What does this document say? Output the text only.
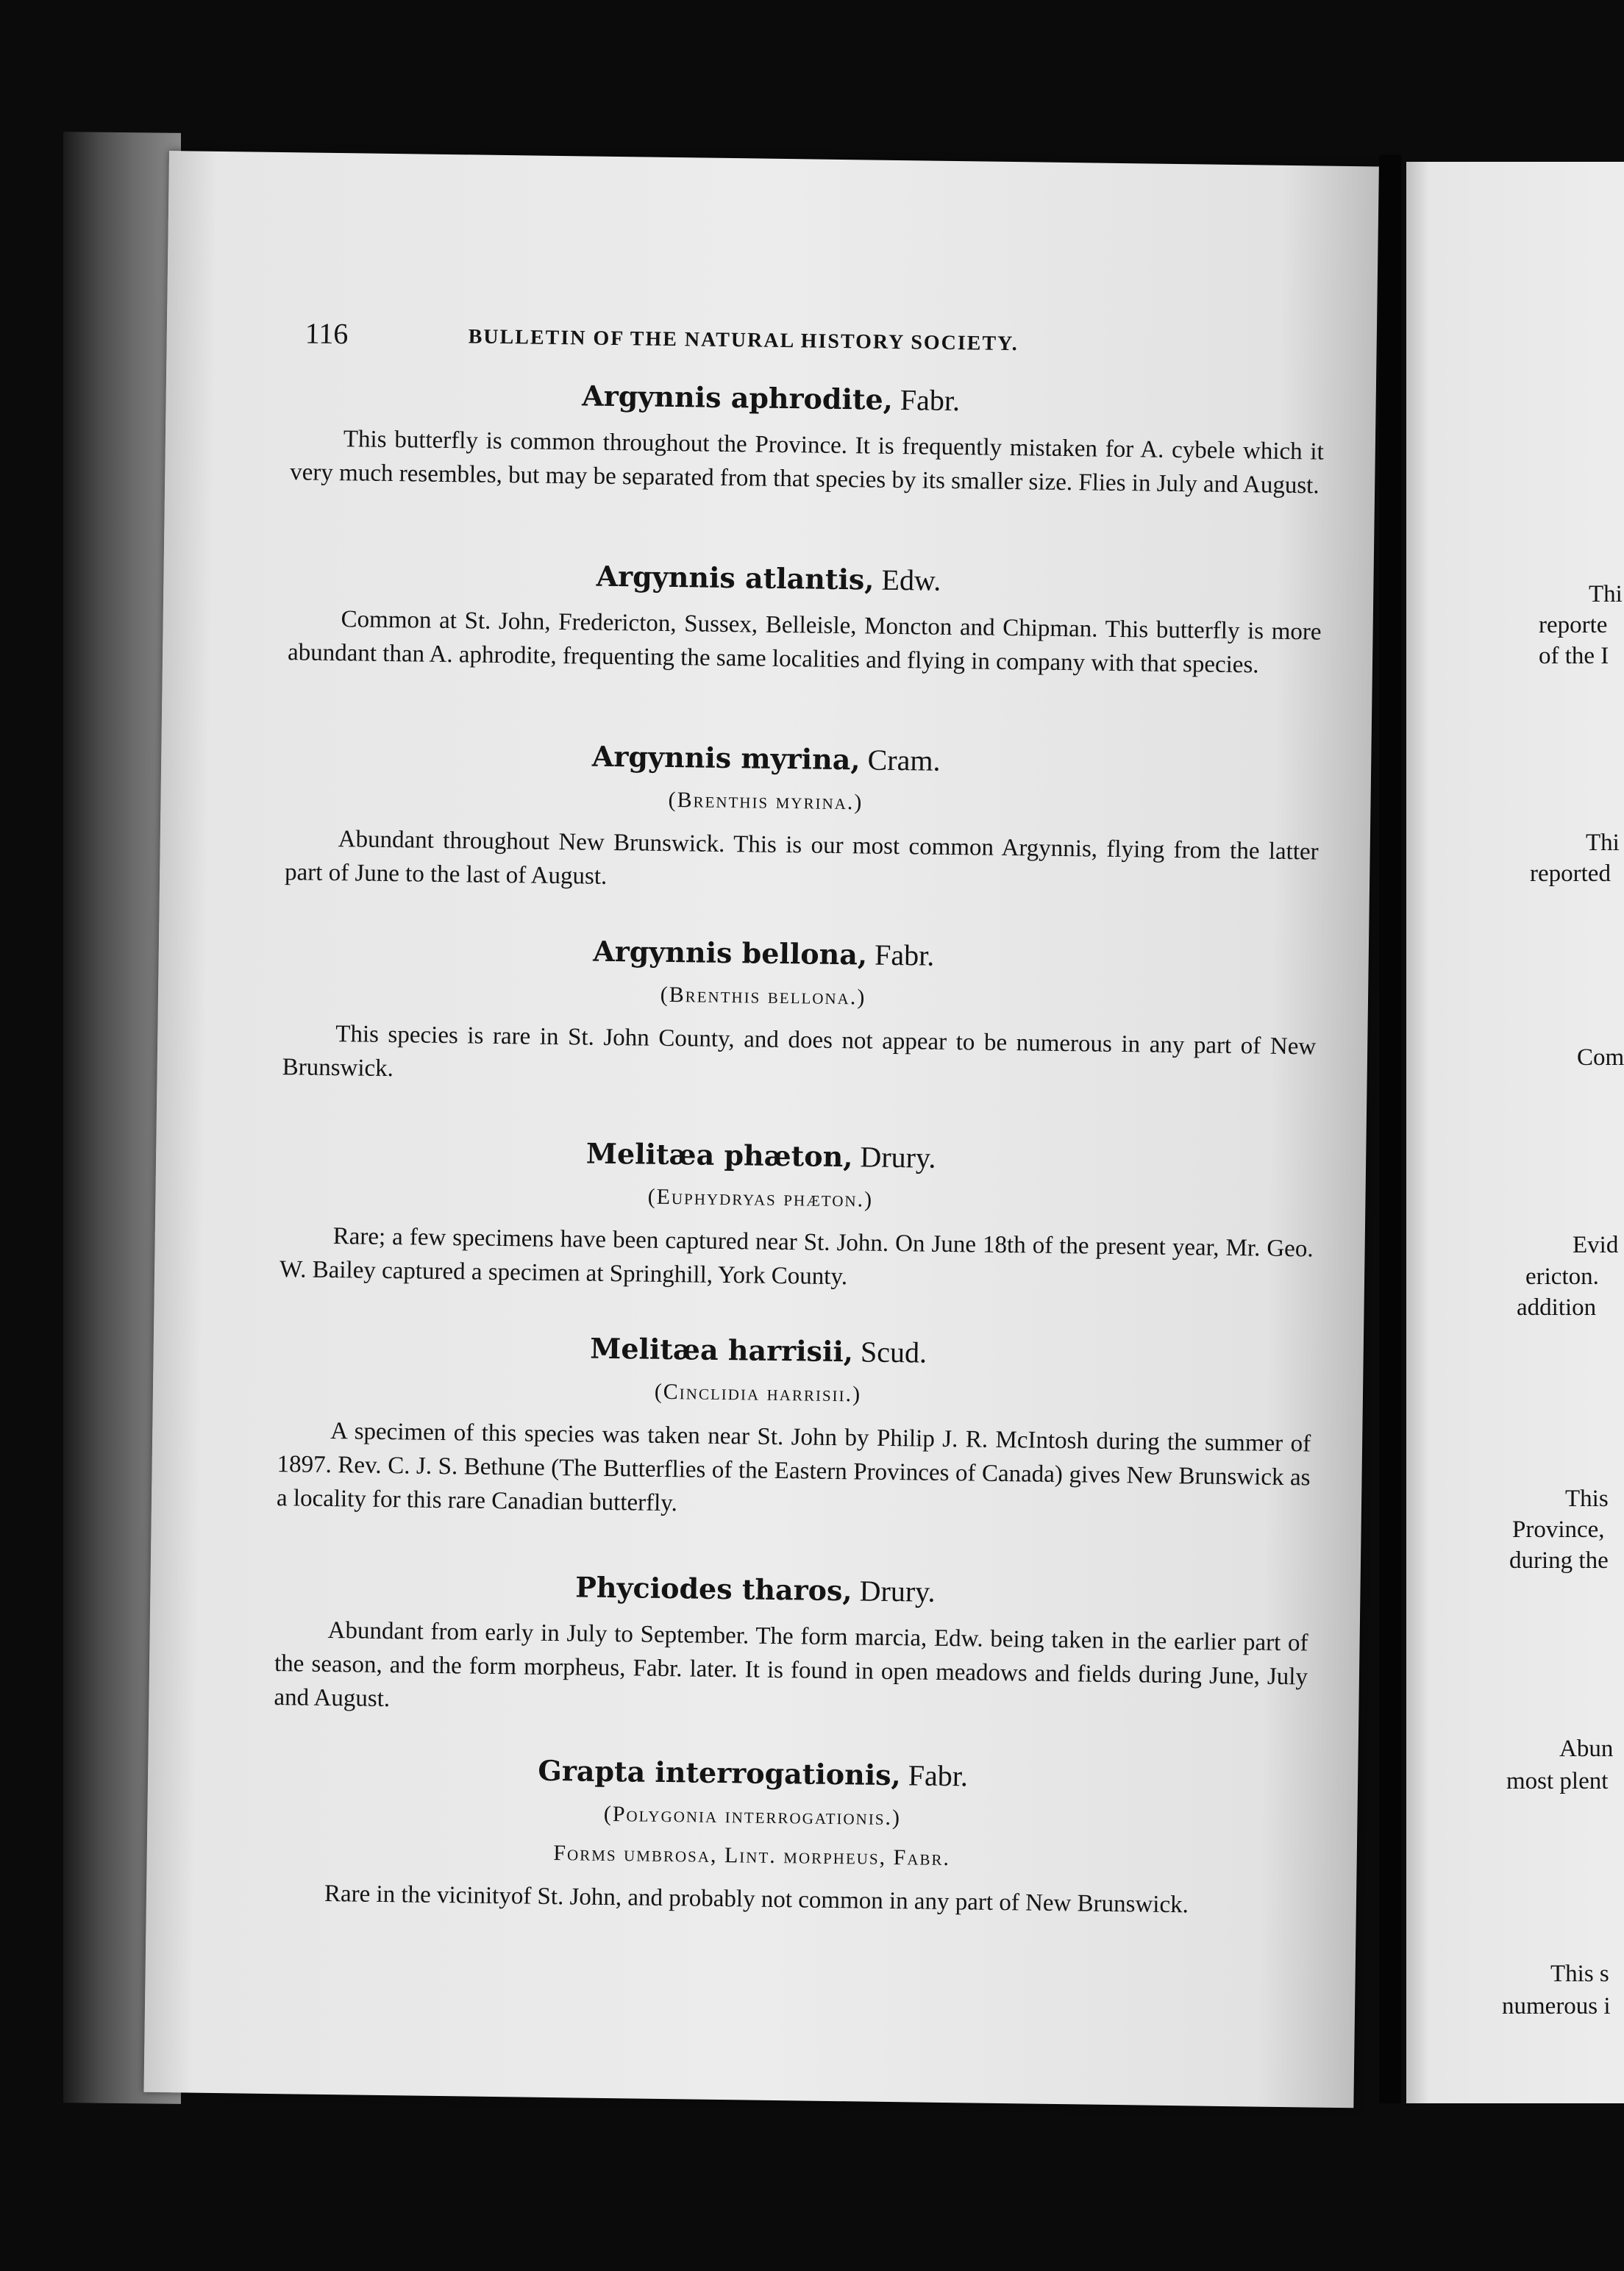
116	BULLETIN OF THE NATURAL HISTORY SOCIETY.

Argynnis aphrodite, Fabr.

This butterfly is common throughout the Province. It is frequently mistaken for A. cybele which it very much resembles, but may be separated from that species by its smaller size. Flies in July and August.

Argynnis atlantis, Edw.

Common at St. John, Fredericton, Sussex, Belleisle, Moncton and Chipman. This butterfly is more abundant than A. aphrodite, frequenting the same localities and flying in company with that species.

Argynnis myrina, Cram.

(Brenthis myrina.)

Abundant throughout New Brunswick. This is our most common Argynnis, flying from the latter part of June to the last of August.

Argynnis bellona, Fabr.

(Brenthis bellona.)

This species is rare in St. John County, and does not appear to be numerous in any part of New Brunswick.

Melitæa phæton, Drury.

(Euphydryas phæton.)

Rare; a few specimens have been captured near St. John. On June 18th of the present year, Mr. Geo. W. Bailey captured a specimen at Springhill, York County.

Melitæa harrisii, Scud.

(Cinclidia harrisii.)

A specimen of this species was taken near St. John by Philip J. R. McIntosh during the summer of 1897. Rev. C. J. S. Bethune (The Butterflies of the Eastern Provinces of Canada) gives New Brunswick as a locality for this rare Canadian butterfly.

Phyciodes tharos, Drury.

Abundant from early in July to September. The form marcia, Edw. being taken in the earlier part of the season, and the form morpheus, Fabr. later. It is found in open meadows and fields during June, July and August.

Grapta interrogationis, Fabr.

(Polygonia interrogationis.)

Forms umbrosa, Lint. morpheus, Fabr.

Rare in the vicinityof St. John, and probably not common in any part of New Brunswick.

Thi
reporte
of the I
Thi
reported
Com
Evid
ericton.
addition
This
Province,
during the
Abun
most plent
This s
numerous i
